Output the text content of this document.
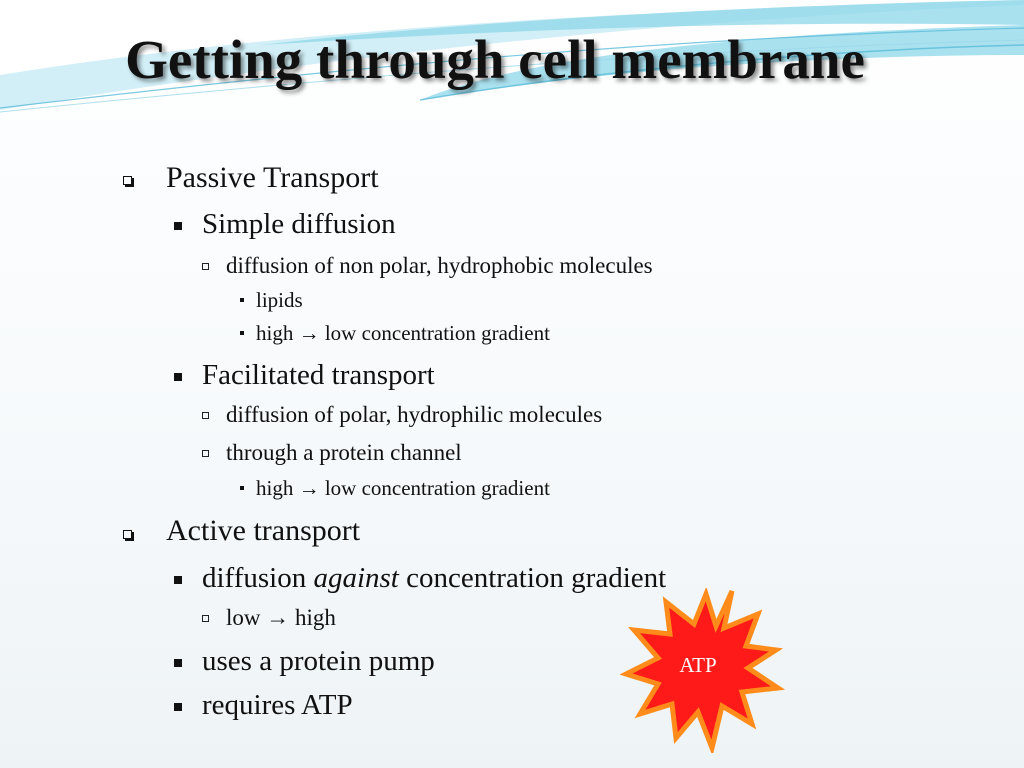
Getting through cell membrane
Passive Transport
Simple diffusion
diffusion of non polar, hydrophobic molecules
lipids
high → low concentration gradient
Facilitated transport
diffusion of polar, hydrophilic molecules
through a protein channel
high → low concentration gradient
Active transport
diffusion against concentration gradient
low → high
uses a protein pump
requires ATP
ATP
